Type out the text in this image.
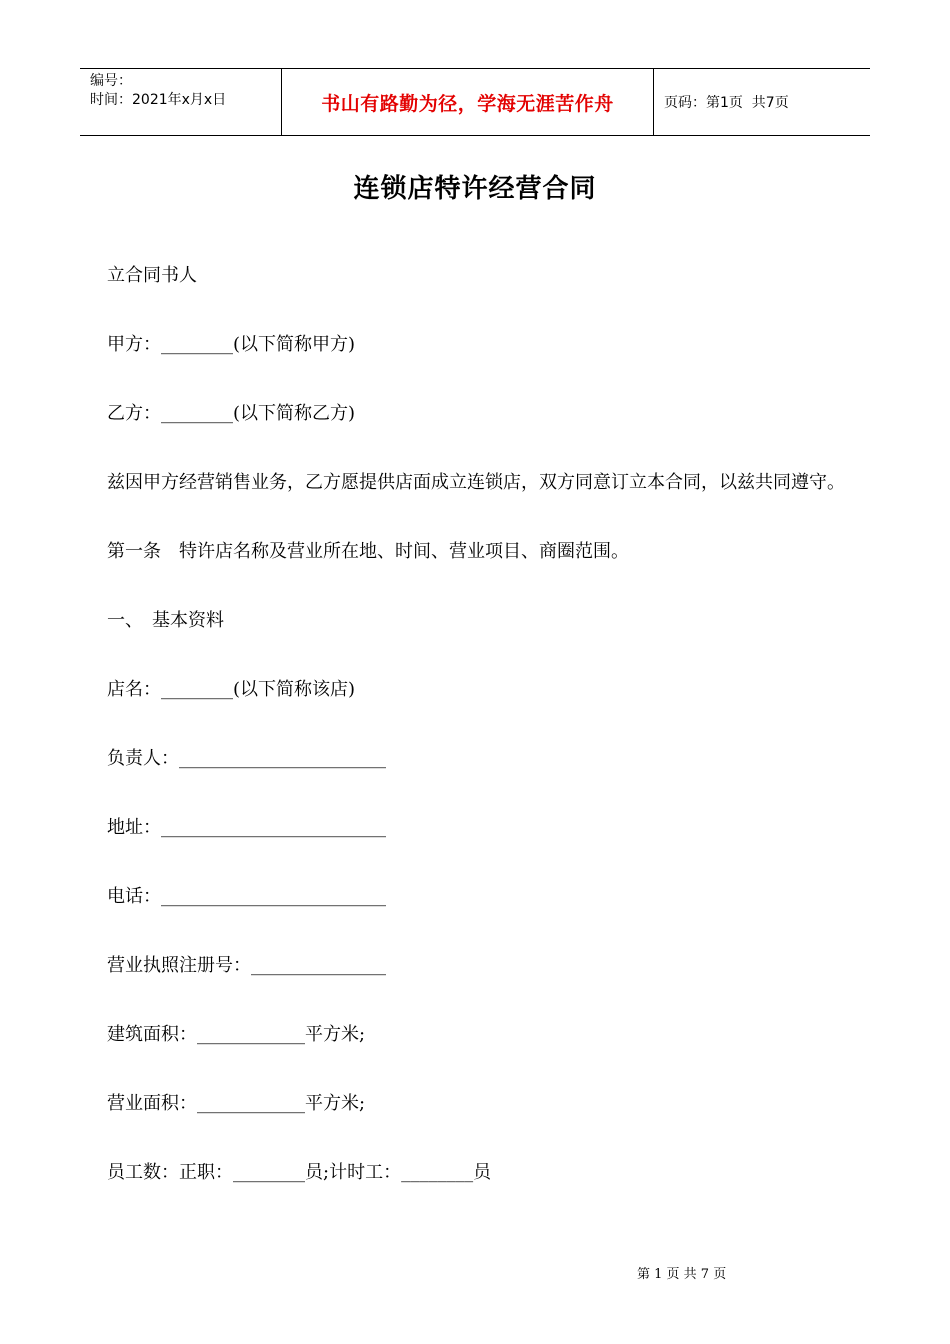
编号：
时间：2021年x月x日	书山有路勤为径，学海无涯苦作舟	页码：第1页  共7页
连锁店特许经营合同
立合同书人
甲方：________(以下简称甲方)
乙方：________(以下简称乙方)
兹因甲方经营销售业务，乙方愿提供店面成立连锁店，双方同意订立本合同，以兹共同遵守。
第一条　特许店名称及营业所在地、时间、营业项目、商圈范围。
一、　基本资料
店名：________(以下简称该店)
负责人：_______________________
地址：_________________________
电话：_________________________
营业执照注册号：_______________
建筑面积：____________平方米;
营业面积：____________平方米;
员工数：正职：________员;计时工：________员
第 1 页 共 7 页
